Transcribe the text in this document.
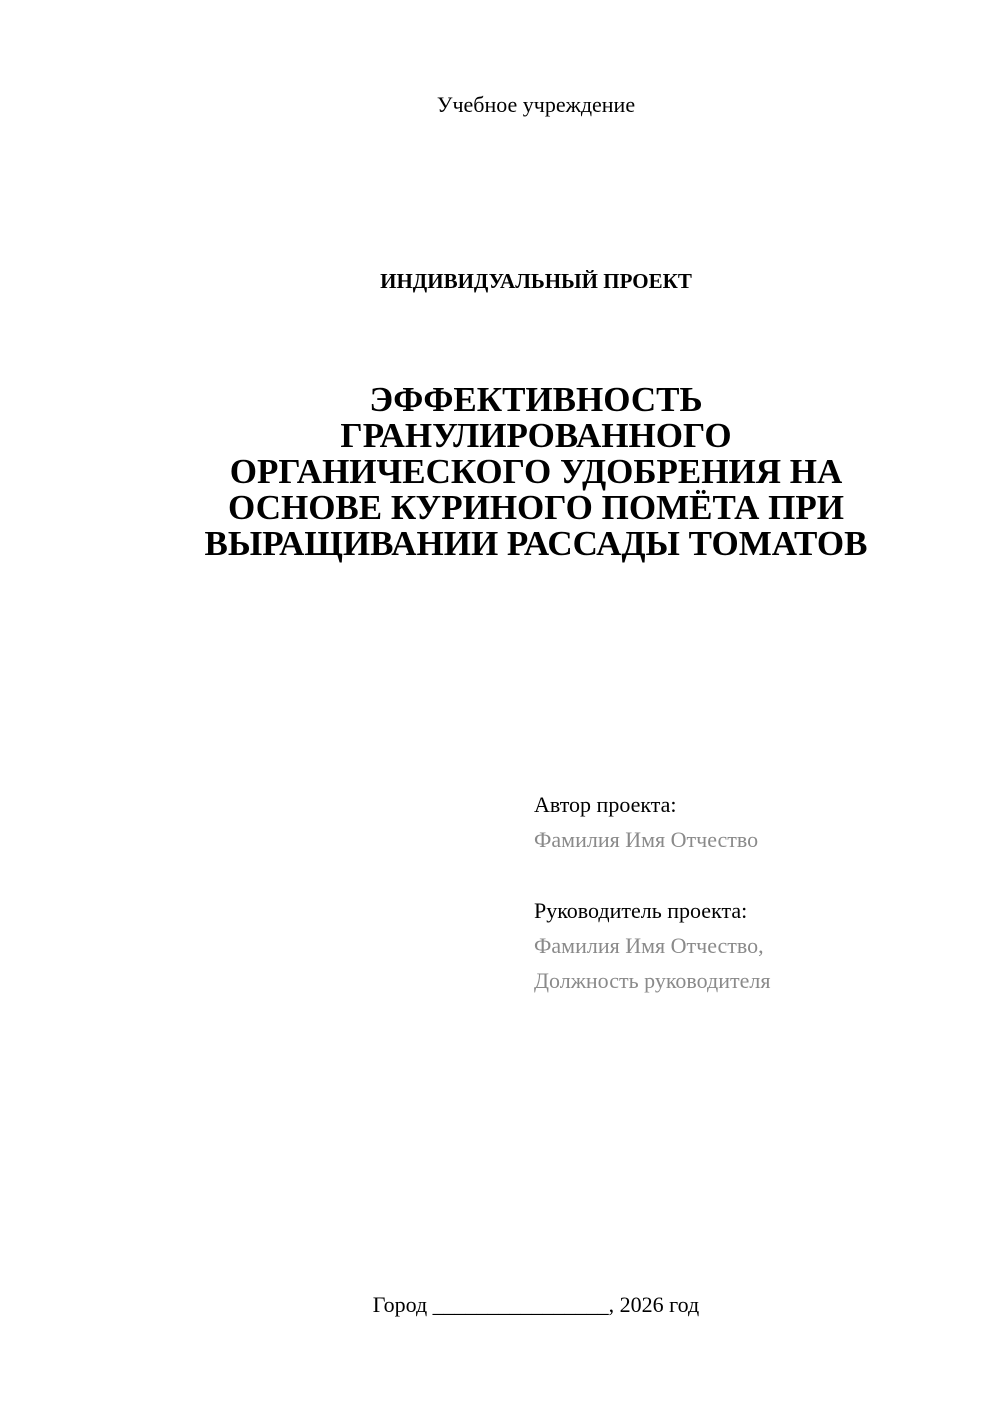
Учебное учреждение
ИНДИВИДУАЛЬНЫЙ ПРОЕКТ
ЭФФЕКТИВНОСТЬ
ГРАНУЛИРОВАННОГО
ОРГАНИЧЕСКОГО УДОБРЕНИЯ НА
ОСНОВЕ КУРИНОГО ПОМЁТА ПРИ
ВЫРАЩИВАНИИ РАССАДЫ ТОМАТОВ
Автор проекта:
Фамилия Имя Отчество
Руководитель проекта:
Фамилия Имя Отчество,
Должность руководителя
Город ________________, 2026 год
